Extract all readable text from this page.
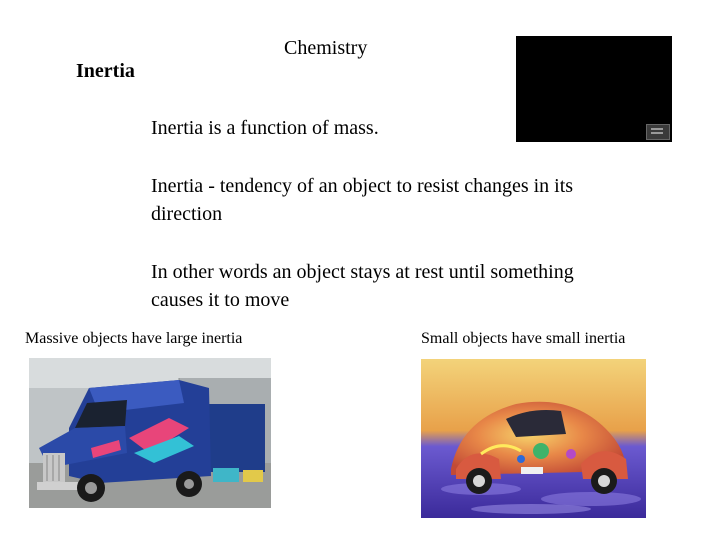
Inertia
Chemistry
Inertia is a function of mass.
Inertia - tendency of an object to resist changes in its direction
In other words an object stays at rest until something causes it to move
Massive objects have large inertia	Small objects have small inertia
